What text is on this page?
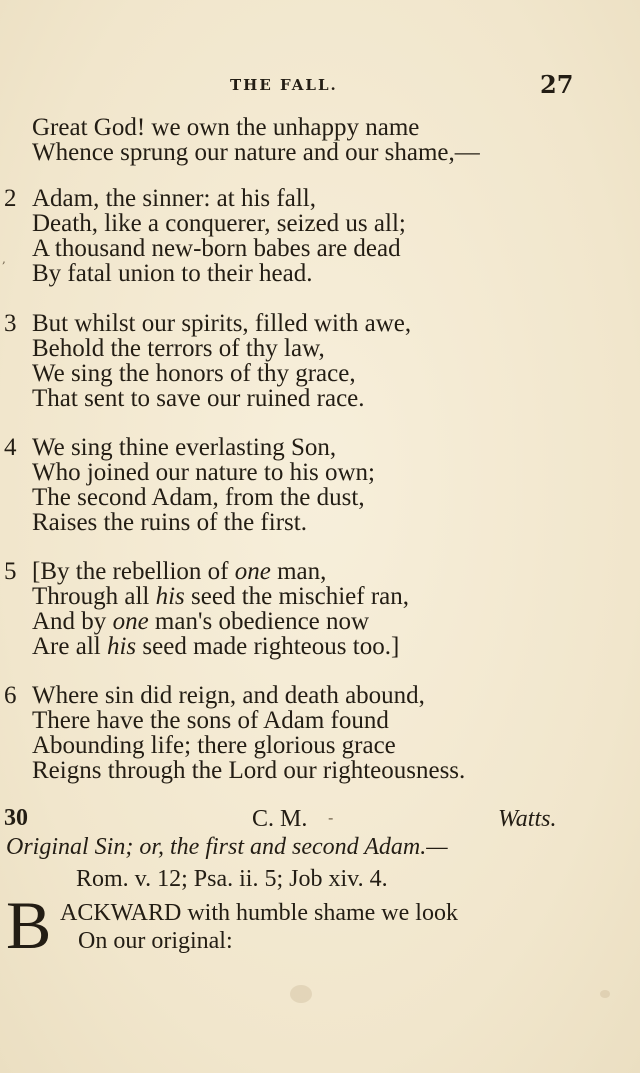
THE FALL.	27
Great God! we own the unhappy name
Whence sprung our nature and our shame,—
2 Adam, the sinner: at his fall,
Death, like a conquerer, seized us all;
A thousand new-born babes are dead
By fatal union to their head.
3 But whilst our spirits, filled with awe,
Behold the terrors of thy law,
We sing the honors of thy grace,
That sent to save our ruined race.
4 We sing thine everlasting Son,
Who joined our nature to his own;
The second Adam, from the dust,
Raises the ruins of the first.
5 [By the rebellion of one man,
Through all his seed the mischief ran,
And by one man's obedience now
Are all his seed made righteous too.]
6 Where sin did reign, and death abound,
There have the sons of Adam found
Abounding life; there glorious grace
Reigns through the Lord our righteousness.
,
30	C. M. -	Watts.
Original Sin; or, the first and second Adam.—
Rom. v. 12; Psa. ii. 5; Job xiv. 4.
B ACKWARD with humble shame we look
On our original:
